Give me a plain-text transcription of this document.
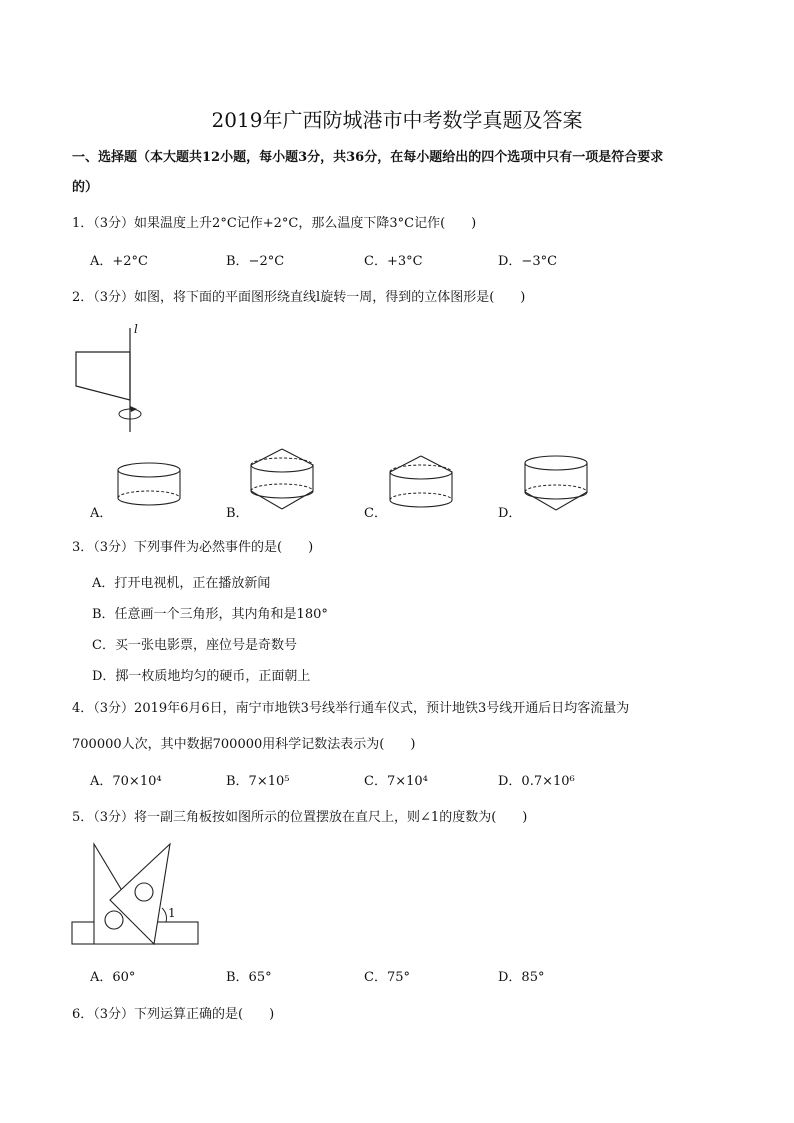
2019年广西防城港市中考数学真题及答案
一、选择题（本大题共12小题，每小题3分，共36分，在每小题给出的四个选项中只有一项是符合要求
的）
1．（3分）如果温度上升2°C记作+2°C，那么温度下降3°C记作(　　)
A．+2°C	B．−2°C	C．+3°C	D．−3°C
2．（3分）如图，将下面的平面图形绕直线l旋转一周，得到的立体图形是(　　)
l
A．	B．	C．	D．
3．（3分）下列事件为必然事件的是(　　)
A．打开电视机，正在播放新闻
B．任意画一个三角形，其内角和是180°
C．买一张电影票，座位号是奇数号
D．掷一枚质地均匀的硬币，正面朝上
4．（3分）2019年6月6日，南宁市地铁3号线举行通车仪式，预计地铁3号线开通后日均客流量为
700000人次，其中数据700000用科学记数法表示为(　　)
A．70×10⁴	B．7×10⁵	C．7×10⁴	D．0.7×10⁶
5．（3分）将一副三角板按如图所示的位置摆放在直尺上，则∠1的度数为(　　)
1
A．60°	B．65°	C．75°	D．85°
6．（3分）下列运算正确的是(　　)
